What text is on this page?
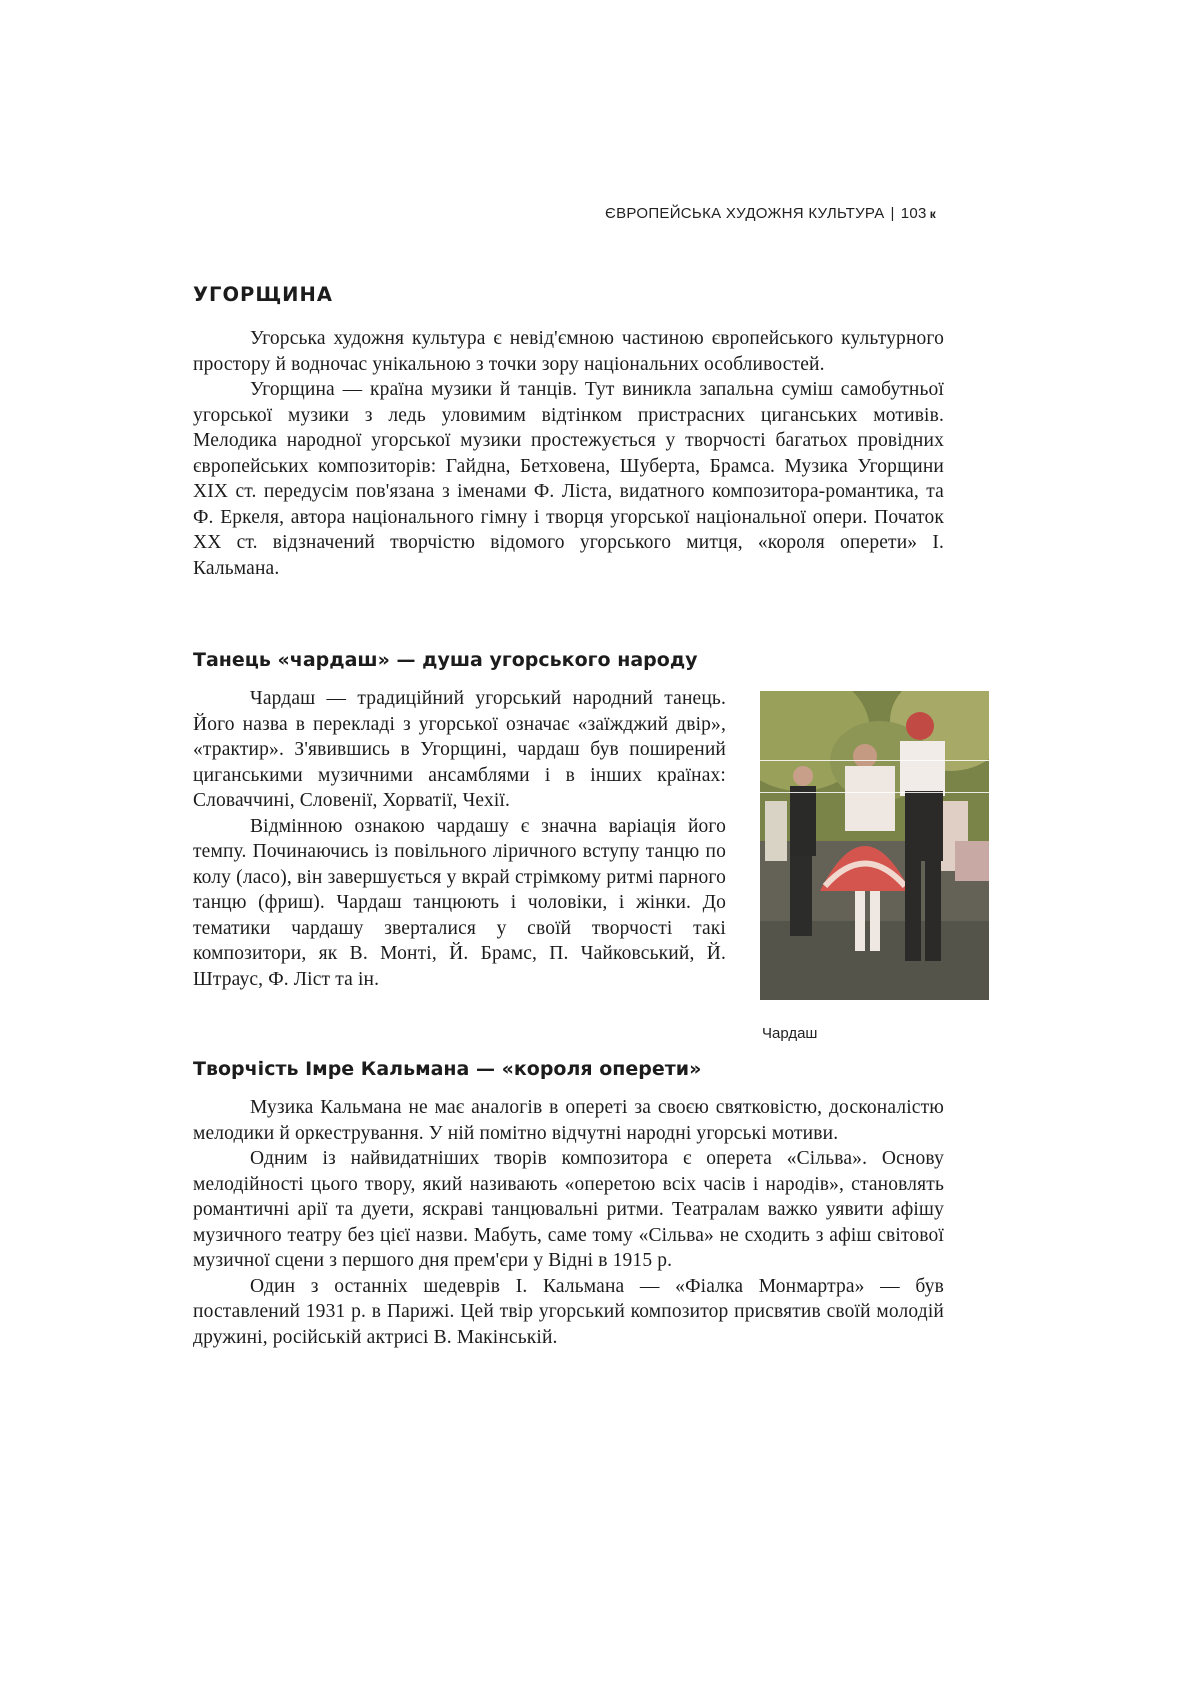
ЄВРОПЕЙСЬКА ХУДОЖНЯ КУЛЬТУРА | 103 к
УГОРЩИНА

Угорська художня культура є невід'ємною частиною європейського культурного простору й водночас унікальною з точки зору національних особливостей.

Угорщина — країна музики й танців. Тут виникла запальна суміш самобутньої угорської музики з ледь уловимим відтінком пристрасних циганських мотивів. Мелодика народної угорської музики простежується у творчості багатьох провідних європейських композиторів: Гайдна, Бетховена, Шуберта, Брамса. Музика Угорщини XIX ст. передусім пов'язана з іменами Ф. Ліста, видатного композитора-романтика, та Ф. Еркеля, автора національного гімну і творця угорської національної опери. Початок XX ст. відзначений творчістю відомого угорського митця, «короля оперети» І. Кальмана.

Танець «чардаш» — душа угорського народу

Чардаш — традиційний угорський народний танець. Його назва в перекладі з угорської означає «заїжджий двір», «трактир». З'явившись в Угорщині, чардаш був поширений циганськими музичними ансамблями і в інших країнах: Словаччині, Словенії, Хорватії, Чехії.

Відмінною ознакою чардашу є значна варіація його темпу. Починаючись із повільного ліричного вступу танцю по колу (ласо), він завершується у вкрай стрімкому ритмі парного танцю (фриш). Чардаш танцюють і чоловіки, і жінки. До тематики чардашу зверталися у своїй творчості такі композитори, як В. Монті, Й. Брамс, П. Чайковський, Й. Штраус, Ф. Ліст та ін.

Чардаш
Творчість Імре Кальмана — «короля оперети»

Музика Кальмана не має аналогів в опереті за своєю святковістю, досконалістю мелодики й оркестрування. У ній помітно відчутні народні угорські мотиви.

Одним із найвидатніших творів композитора є оперета «Сільва». Основу мелодійності цього твору, який називають «оперетою всіх часів і народів», становлять романтичні арії та дуети, яскраві танцювальні ритми. Театралам важко уявити афішу музичного театру без цієї назви. Мабуть, саме тому «Сільва» не сходить з афіш світової музичної сцени з першого дня прем'єри у Відні в 1915 р.

Один з останніх шедеврів І. Кальмана — «Фіалка Монмартра» — був поставлений 1931 р. в Парижі. Цей твір угорський композитор присвятив своїй молодій дружині, російській актрисі В. Макінській.
